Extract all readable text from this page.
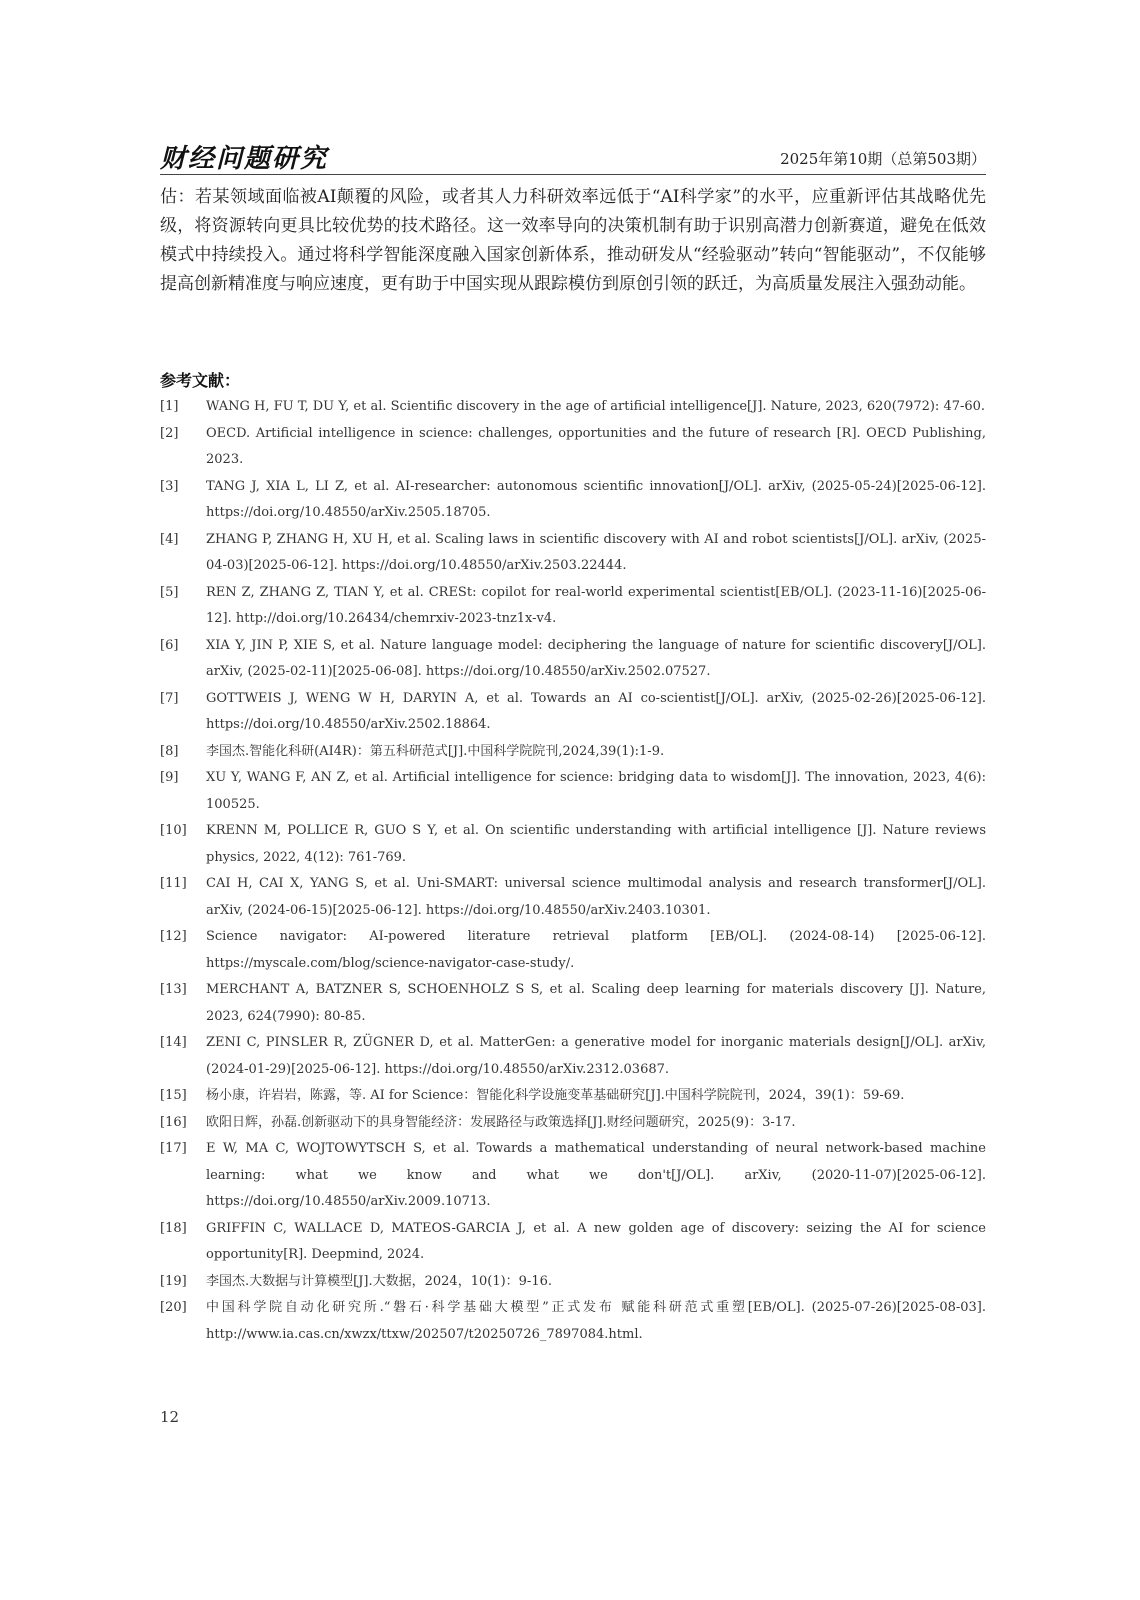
财经问题研究	2025年第10期（总第503期）

估：若某领域面临被AI颠覆的风险，或者其人力科研效率远低于“AI科学家”的水平，应重新评估其战略优先级，将资源转向更具比较优势的技术路径。这一效率导向的决策机制有助于识别高潜力创新赛道，避免在低效模式中持续投入。通过将科学智能深度融入国家创新体系，推动研发从“经验驱动”转向“智能驱动”，不仅能够提高创新精准度与响应速度，更有助于中国实现从跟踪模仿到原创引领的跃迁，为高质量发展注入强劲动能。

参考文献：
[1] WANG H, FU T, DU Y, et al. Scientific discovery in the age of artificial intelligence[J]. Nature, 2023, 620(7972): 47-60.
[2] OECD. Artificial intelligence in science: challenges, opportunities and the future of research [R]. OECD Publishing, 2023.
[3] TANG J, XIA L, LI Z, et al. AI-researcher: autonomous scientific innovation[J/OL]. arXiv, (2025-05-24)[2025-06-12]. https://doi.org/10.48550/arXiv.2505.18705.
[4] ZHANG P, ZHANG H, XU H, et al. Scaling laws in scientific discovery with AI and robot scientists[J/OL]. arXiv, (2025-04-03)[2025-06-12]. https://doi.org/10.48550/arXiv.2503.22444.
[5] REN Z, ZHANG Z, TIAN Y, et al. CRESt: copilot for real-world experimental scientist[EB/OL]. (2023-11-16)[2025-06-12]. http://doi.org/10.26434/chemrxiv-2023-tnz1x-v4.
[6] XIA Y, JIN P, XIE S, et al. Nature language model: deciphering the language of nature for scientific discovery[J/OL]. arXiv, (2025-02-11)[2025-06-08]. https://doi.org/10.48550/arXiv.2502.07527.
[7] GOTTWEIS J, WENG W H, DARYIN A, et al. Towards an AI co-scientist[J/OL]. arXiv, (2025-02-26)[2025-06-12]. https://doi.org/10.48550/arXiv.2502.18864.
[8] 李国杰.智能化科研(AI4R)：第五科研范式[J].中国科学院院刊,2024,39(1):1-9.
[9] XU Y, WANG F, AN Z, et al. Artificial intelligence for science: bridging data to wisdom[J]. The innovation, 2023, 4(6): 100525.
[10] KRENN M, POLLICE R, GUO S Y, et al. On scientific understanding with artificial intelligence [J]. Nature reviews physics, 2022, 4(12): 761-769.
[11] CAI H, CAI X, YANG S, et al. Uni-SMART: universal science multimodal analysis and research transformer[J/OL]. arXiv, (2024-06-15)[2025-06-12]. https://doi.org/10.48550/arXiv.2403.10301.
[12] Science navigator: AI-powered literature retrieval platform [EB/OL]. (2024-08-14) [2025-06-12]. https://myscale.com/blog/science-navigator-case-study/.
[13] MERCHANT A, BATZNER S, SCHOENHOLZ S S, et al. Scaling deep learning for materials discovery [J]. Nature, 2023, 624(7990): 80-85.
[14] ZENI C, PINSLER R, ZÜGNER D, et al. MatterGen: a generative model for inorganic materials design[J/OL]. arXiv, (2024-01-29)[2025-06-12]. https://doi.org/10.48550/arXiv.2312.03687.
[15] 杨小康，许岩岩，陈露，等. AI for Science：智能化科学设施变革基础研究[J].中国科学院院刊，2024，39(1)：59-69.
[16] 欧阳日辉，孙磊.创新驱动下的具身智能经济：发展路径与政策选择[J].财经问题研究，2025(9)：3-17.
[17] E W, MA C, WOJTOWYTSCH S, et al. Towards a mathematical understanding of neural network-based machine learning: what we know and what we don't[J/OL]. arXiv, (2020-11-07)[2025-06-12]. https://doi.org/10.48550/arXiv.2009.10713.
[18] GRIFFIN C, WALLACE D, MATEOS-GARCIA J, et al. A new golden age of discovery: seizing the AI for science opportunity[R]. Deepmind, 2024.
[19] 李国杰.大数据与计算模型[J].大数据，2024，10(1)：9-16.
[20] 中国科学院自动化研究所.“磐石·科学基础大模型”正式发布 赋能科研范式重塑[EB/OL]. (2025-07-26)[2025-08-03]. http://www.ia.cas.cn/xwzx/ttxw/202507/t20250726_7897084.html.
12
